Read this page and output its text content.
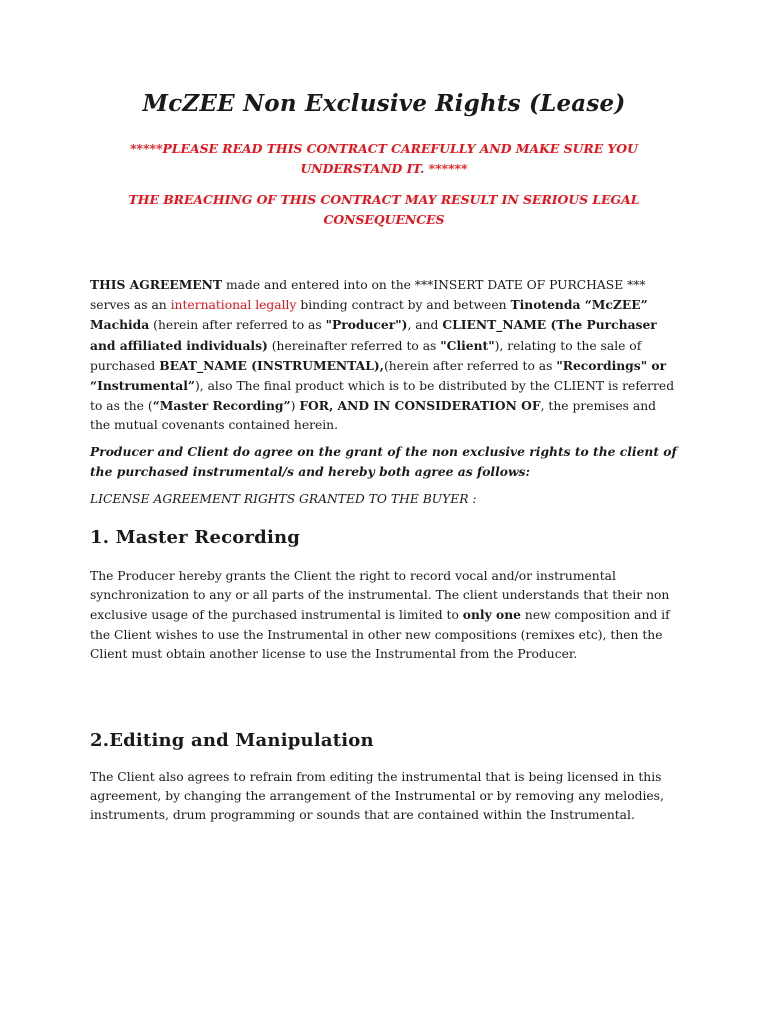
McZEE Non Exclusive Rights (Lease)

*****PLEASE READ THIS CONTRACT CAREFULLY AND MAKE SURE YOU UNDERSTAND IT. ******

THE BREACHING OF THIS CONTRACT MAY RESULT IN SERIOUS LEGAL CONSEQUENCES

THIS AGREEMENT made and entered into on the ***INSERT DATE OF PURCHASE *** serves as an international legally binding contract by and between Tinotenda “McZEE” Machida (herein after referred to as "Producer"), and CLIENT_NAME (The Purchaser and affiliated individuals) (hereinafter referred to as "Client"), relating to the sale of purchased BEAT_NAME (INSTRUMENTAL),(herein after referred to as "Recordings" or “Instrumental”), also The final product which is to be distributed by the CLIENT is referred to as the (“Master Recording”) FOR, AND IN CONSIDERATION OF, the premises and the mutual covenants contained herein.

Producer and Client do agree on the grant of the non exclusive rights to the client of the purchased instrumental/s and hereby both agree as follows:

LICENSE AGREEMENT RIGHTS GRANTED TO THE BUYER :

1. Master Recording

The Producer hereby grants the Client the right to record vocal and/or instrumental synchronization to any or all parts of the instrumental. The client understands that their non exclusive usage of the purchased instrumental is limited to only one new composition and if the Client wishes to use the Instrumental in other new compositions (remixes etc), then the Client must obtain another license to use the Instrumental from the Producer.

2.Editing and Manipulation

The Client also agrees to refrain from editing the instrumental that is being licensed in this agreement, by changing the arrangement of the Instrumental or by removing any melodies, instruments, drum programming or sounds that are contained within the Instrumental.
